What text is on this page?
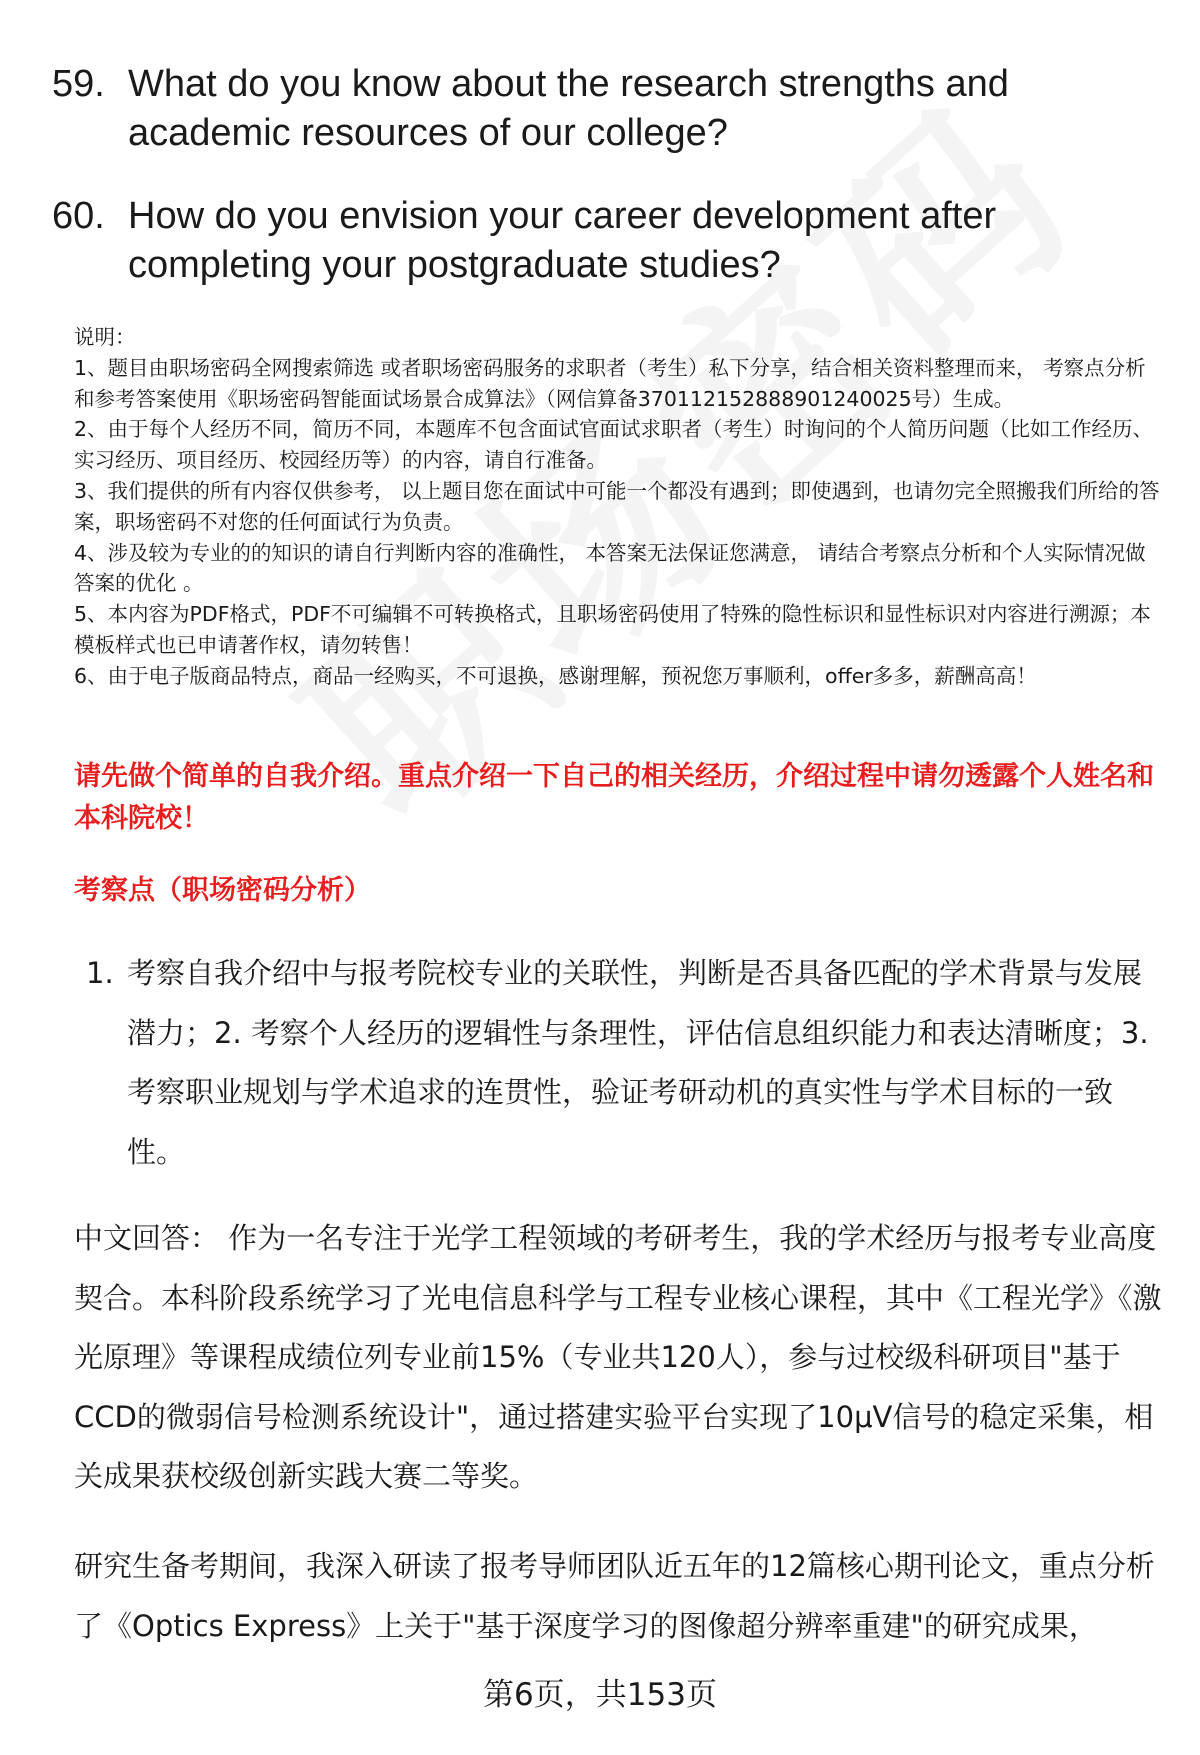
59. What do you know about the research strengths and academic resources of our college?
60. How do you envision your career development after completing your postgraduate studies?
说明：
1、题目由职场密码全网搜索筛选 或者职场密码服务的求职者（考生）私下分享，结合相关资料整理而来， 考察点分析和参考答案使用《职场密码智能面试场景合成算法》（网信算备370112152888901240025号）生成。
2、由于每个人经历不同，简历不同，本题库不包含面试官面试求职者（考生）时询问的个人简历问题（比如工作经历、实习经历、项目经历、校园经历等）的内容，请自行准备。
3、我们提供的所有内容仅供参考， 以上题目您在面试中可能一个都没有遇到；即使遇到，也请勿完全照搬我们所给的答案，职场密码不对您的任何面试行为负责。
4、涉及较为专业的的知识的请自行判断内容的准确性， 本答案无法保证您满意， 请结合考察点分析和个人实际情况做答案的优化 。
5、本内容为PDF格式，PDF不可编辑不可转换格式，且职场密码使用了特殊的隐性标识和显性标识对内容进行溯源；本模板样式也已申请著作权，请勿转售！
6、由于电子版商品特点，商品一经购买，不可退换，感谢理解，预祝您万事顺利，offer多多，薪酬高高！
请先做个简单的自我介绍。重点介绍一下自己的相关经历，介绍过程中请勿透露个人姓名和本科院校！
考察点（职场密码分析）
1. 考察自我介绍中与报考院校专业的关联性，判断是否具备匹配的学术背景与发展潜力；2. 考察个人经历的逻辑性与条理性，评估信息组织能力和表达清晰度；3. 考察职业规划与学术追求的连贯性，验证考研动机的真实性与学术目标的一致性。
中文回答： 作为一名专注于光学工程领域的考研考生，我的学术经历与报考专业高度契合。本科阶段系统学习了光电信息科学与工程专业核心课程，其中《工程光学》《激光原理》等课程成绩位列专业前15%（专业共120人），参与过校级科研项目"基于CCD的微弱信号检测系统设计"，通过搭建实验平台实现了10μV信号的稳定采集，相关成果获校级创新实践大赛二等奖。
研究生备考期间，我深入研读了报考导师团队近五年的12篇核心期刊论文，重点分析了《Optics Express》上关于"基于深度学习的图像超分辨率重建"的研究成果，
第6页，共153页
